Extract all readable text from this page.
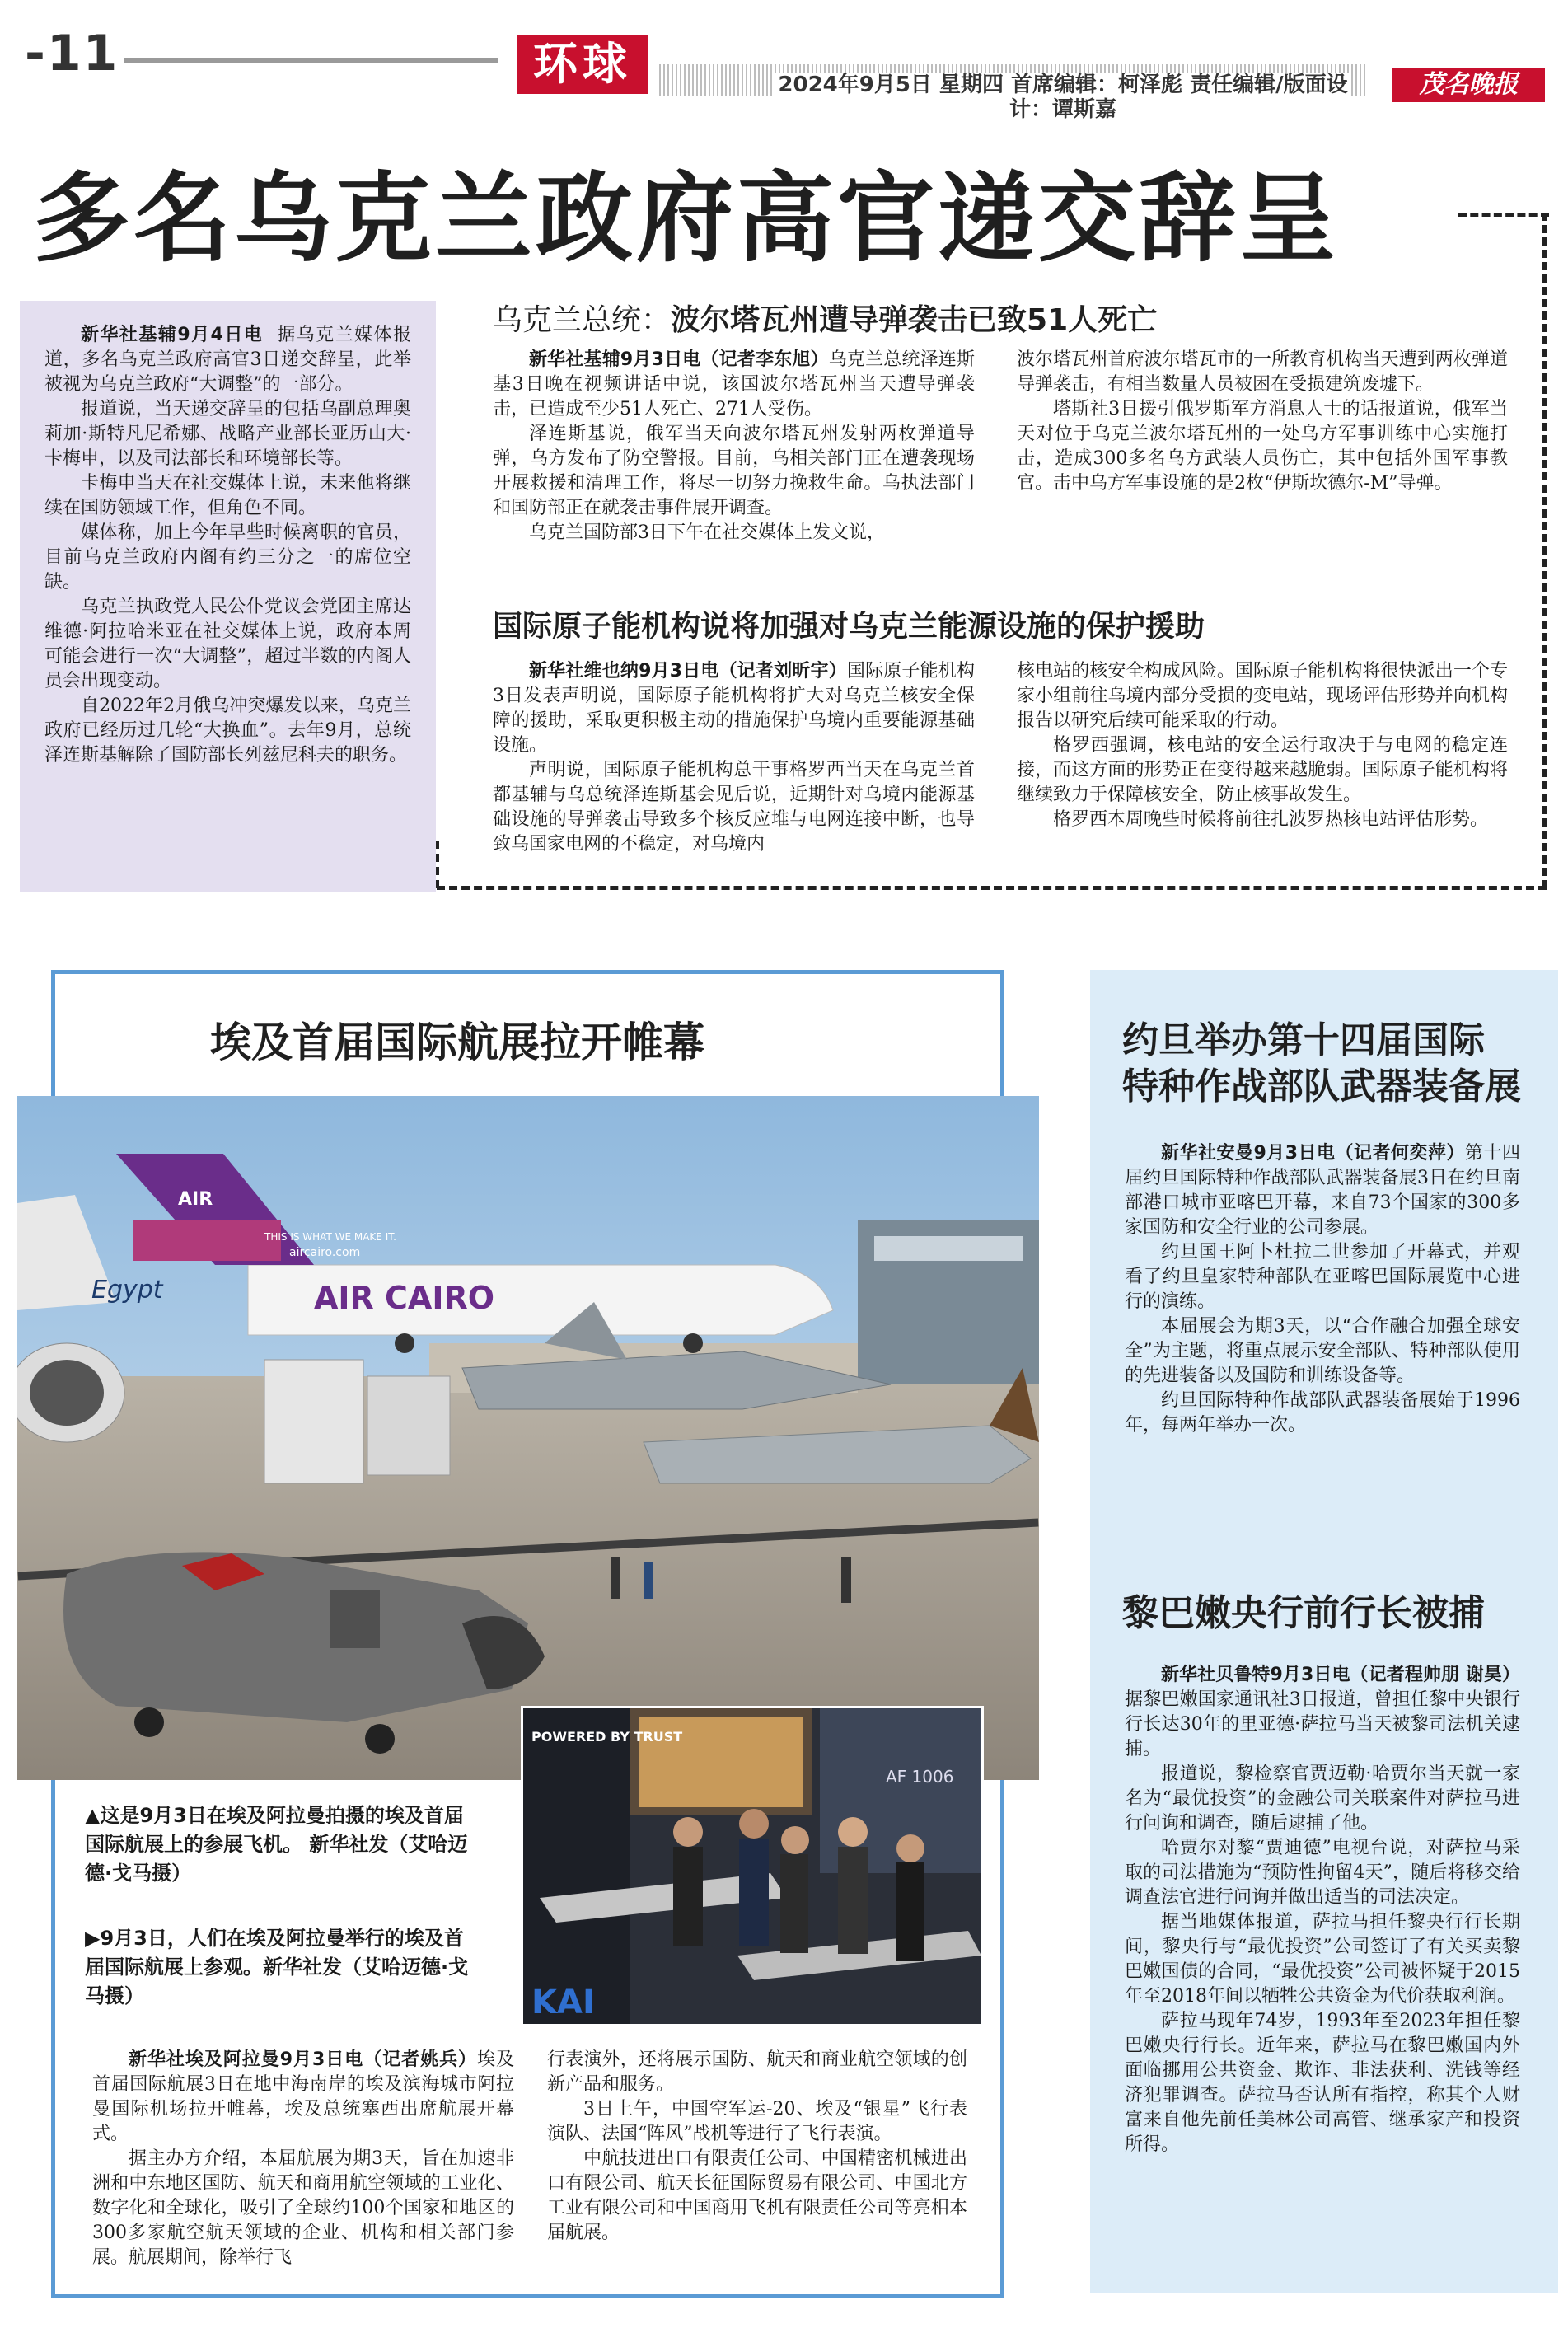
-11	环球	2024年9月5日 星期四 首席编辑：柯泽彪 责任编辑/版面设计：谭斯嘉
茂名晚报
多名乌克兰政府高官递交辞呈

新华社基辅9月4日电 据乌克兰媒体报道，多名乌克兰政府高官3日递交辞呈，此举被视为乌克兰政府“大调整”的一部分。

报道说，当天递交辞呈的包括乌副总理奥莉加·斯特凡尼希娜、战略产业部长亚历山大·卡梅申，以及司法部长和环境部长等。

卡梅申当天在社交媒体上说，未来他将继续在国防领域工作，但角色不同。

媒体称，加上今年早些时候离职的官员，目前乌克兰政府内阁有约三分之一的席位空缺。

乌克兰执政党人民公仆党议会党团主席达维德·阿拉哈米亚在社交媒体上说，政府本周可能会进行一次“大调整”，超过半数的内阁人员会出现变动。

自2022年2月俄乌冲突爆发以来，乌克兰政府已经历过几轮“大换血”。去年9月，总统泽连斯基解除了国防部长列兹尼科夫的职务。

乌克兰总统：波尔塔瓦州遭导弹袭击已致51人死亡

新华社基辅9月3日电（记者李东旭）乌克兰总统泽连斯基3日晚在视频讲话中说，该国波尔塔瓦州当天遭导弹袭击，已造成至少51人死亡、271人受伤。

泽连斯基说，俄军当天向波尔塔瓦州发射两枚弹道导弹，乌方发布了防空警报。目前，乌相关部门正在遭袭现场开展救援和清理工作，将尽一切努力挽救生命。乌执法部门和国防部正在就袭击事件展开调查。

乌克兰国防部3日下午在社交媒体上发文说，

波尔塔瓦州首府波尔塔瓦市的一所教育机构当天遭到两枚弹道导弹袭击，有相当数量人员被困在受损建筑废墟下。

塔斯社3日援引俄罗斯军方消息人士的话报道说，俄军当天对位于乌克兰波尔塔瓦州的一处乌方军事训练中心实施打击，造成300多名乌方武装人员伤亡，其中包括外国军事教官。击中乌方军事设施的是2枚“伊斯坎德尔-M”导弹。

国际原子能机构说将加强对乌克兰能源设施的保护援助

新华社维也纳9月3日电（记者刘昕宇）国际原子能机构3日发表声明说，国际原子能机构将扩大对乌克兰核安全保障的援助，采取更积极主动的措施保护乌境内重要能源基础设施。

声明说，国际原子能机构总干事格罗西当天在乌克兰首都基辅与乌总统泽连斯基会见后说，近期针对乌境内能源基础设施的导弹袭击导致多个核反应堆与电网连接中断，也导致乌国家电网的不稳定，对乌境内

核电站的核安全构成风险。国际原子能机构将很快派出一个专家小组前往乌境内部分受损的变电站，现场评估形势并向机构报告以研究后续可能采取的行动。

格罗西强调，核电站的安全运行取决于与电网的稳定连接，而这方面的形势正在变得越来越脆弱。国际原子能机构将继续致力于保障核安全，防止核事故发生。

格罗西本周晚些时候将前往扎波罗热核电站评估形势。

埃及首届国际航展拉开帷幕
AIR CAIRO
AIR
THIS IS WHAT WE MAKE IT.
aircairo.com
Egypt
POWERED BY TRUST
AF 1006
KAI
▲这是9月3日在埃及阿拉曼拍摄的埃及首届国际航展上的参展飞机。 新华社发（艾哈迈德·戈马摄）
▶9月3日，人们在埃及阿拉曼举行的埃及首届国际航展上参观。新华社发（艾哈迈德·戈马摄）

新华社埃及阿拉曼9月3日电（记者姚兵）埃及首届国际航展3日在地中海南岸的埃及滨海城市阿拉曼国际机场拉开帷幕，埃及总统塞西出席航展开幕式。

据主办方介绍，本届航展为期3天，旨在加速非洲和中东地区国防、航天和商用航空领域的工业化、数字化和全球化，吸引了全球约100个国家和地区的300多家航空航天领域的企业、机构和相关部门参展。航展期间，除举行飞

行表演外，还将展示国防、航天和商业航空领域的创新产品和服务。

3日上午，中国空军运-20、埃及“银星”飞行表演队、法国“阵风”战机等进行了飞行表演。

中航技进出口有限责任公司、中国精密机械进出口有限公司、航天长征国际贸易有限公司、中国北方工业有限公司和中国商用飞机有限责任公司等亮相本届航展。

约旦举办第十四届国际
特种作战部队武器装备展

新华社安曼9月3日电（记者何奕萍）第十四届约旦国际特种作战部队武器装备展3日在约旦南部港口城市亚喀巴开幕，来自73个国家的300多家国防和安全行业的公司参展。

约旦国王阿卜杜拉二世参加了开幕式，并观看了约旦皇家特种部队在亚喀巴国际展览中心进行的演练。

本届展会为期3天，以“合作融合加强全球安全”为主题，将重点展示安全部队、特种部队使用的先进装备以及国防和训练设备等。

约旦国际特种作战部队武器装备展始于1996年，每两年举办一次。

黎巴嫩央行前行长被捕

新华社贝鲁特9月3日电（记者程帅朋 谢昊）据黎巴嫩国家通讯社3日报道，曾担任黎中央银行行长达30年的里亚德·萨拉马当天被黎司法机关逮捕。

报道说，黎检察官贾迈勒·哈贾尔当天就一家名为“最优投资”的金融公司关联案件对萨拉马进行问询和调查，随后逮捕了他。

哈贾尔对黎“贾迪德”电视台说，对萨拉马采取的司法措施为“预防性拘留4天”，随后将移交给调查法官进行问询并做出适当的司法决定。

据当地媒体报道，萨拉马担任黎央行行长期间，黎央行与“最优投资”公司签订了有关买卖黎巴嫩国债的合同，“最优投资”公司被怀疑于2015年至2018年间以牺牲公共资金为代价获取利润。

萨拉马现年74岁，1993年至2023年担任黎巴嫩央行行长。近年来，萨拉马在黎巴嫩国内外面临挪用公共资金、欺诈、非法获利、洗钱等经济犯罪调查。萨拉马否认所有指控，称其个人财富来自他先前任美林公司高管、继承家产和投资所得。
